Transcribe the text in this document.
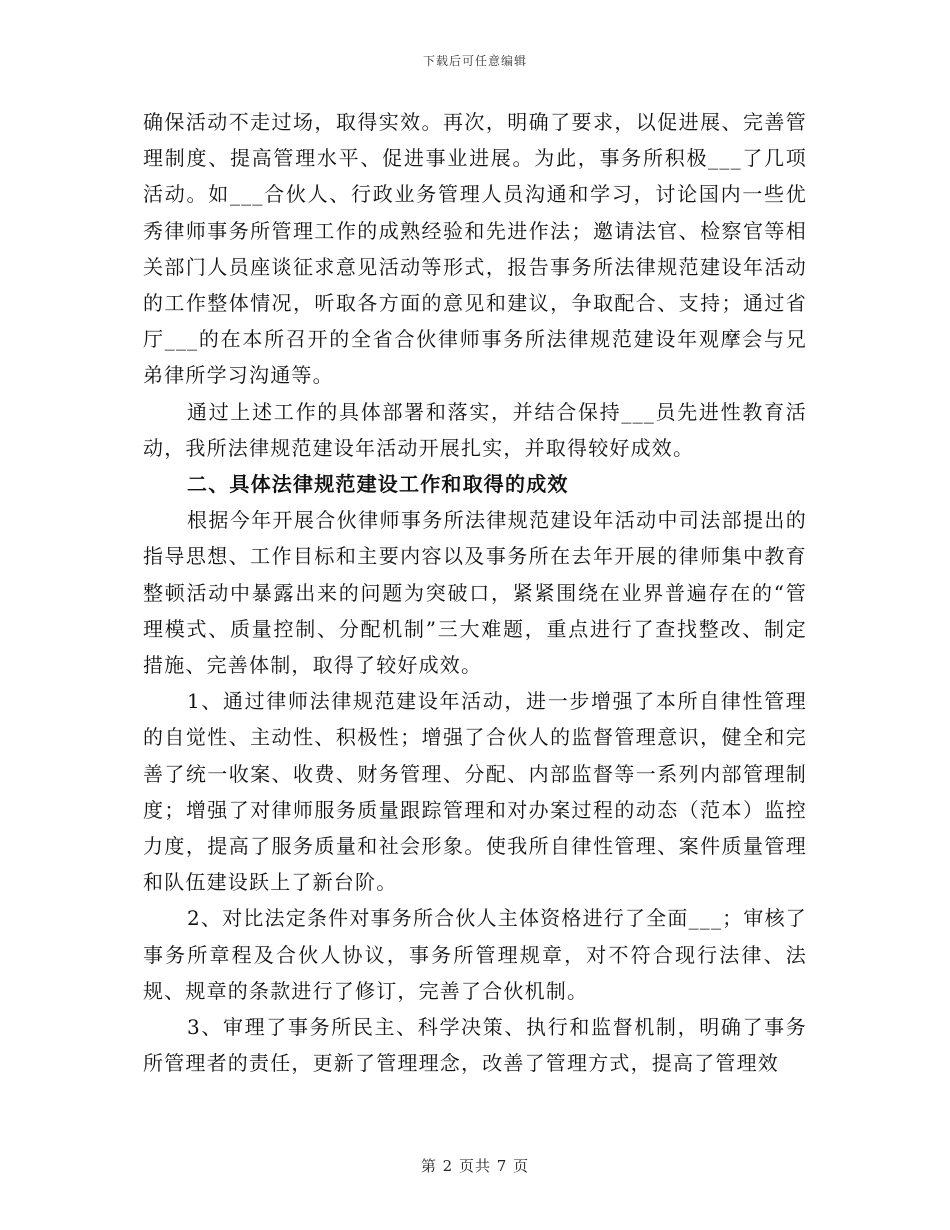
下载后可任意编辑

确保活动不走过场，取得实效。再次，明确了要求，以促进展、完善管理制度、提高管理水平、促进事业进展。为此，事务所积极___了几项活动。如___合伙人、行政业务管理人员沟通和学习，讨论国内一些优秀律师事务所管理工作的成熟经验和先进作法；邀请法官、检察官等相关部门人员座谈征求意见活动等形式，报告事务所法律规范建设年活动的工作整体情况，听取各方面的意见和建议，争取配合、支持；通过省厅___的在本所召开的全省合伙律师事务所法律规范建设年观摩会与兄弟律所学习沟通等。

通过上述工作的具体部署和落实，并结合保持___员先进性教育活动，我所法律规范建设年活动开展扎实，并取得较好成效。

二、具体法律规范建设工作和取得的成效

根据今年开展合伙律师事务所法律规范建设年活动中司法部提出的指导思想、工作目标和主要内容以及事务所在去年开展的律师集中教育整顿活动中暴露出来的问题为突破口，紧紧围绕在业界普遍存在的“管理模式、质量控制、分配机制”三大难题，重点进行了查找整改、制定措施、完善体制，取得了较好成效。

1、通过律师法律规范建设年活动，进一步增强了本所自律性管理的自觉性、主动性、积极性；增强了合伙人的监督管理意识，健全和完善了统一收案、收费、财务管理、分配、内部监督等一系列内部管理制度；增强了对律师服务质量跟踪管理和对办案过程的动态（范本）监控力度，提高了服务质量和社会形象。使我所自律性管理、案件质量管理和队伍建设跃上了新台阶。

2、对比法定条件对事务所合伙人主体资格进行了全面___；审核了事务所章程及合伙人协议，事务所管理规章，对不符合现行法律、法规、规章的条款进行了修订，完善了合伙机制。

3、审理了事务所民主、科学决策、执行和监督机制，明确了事务所管理者的责任，更新了管理理念，改善了管理方式，提高了管理效

第 2 页共 7 页
